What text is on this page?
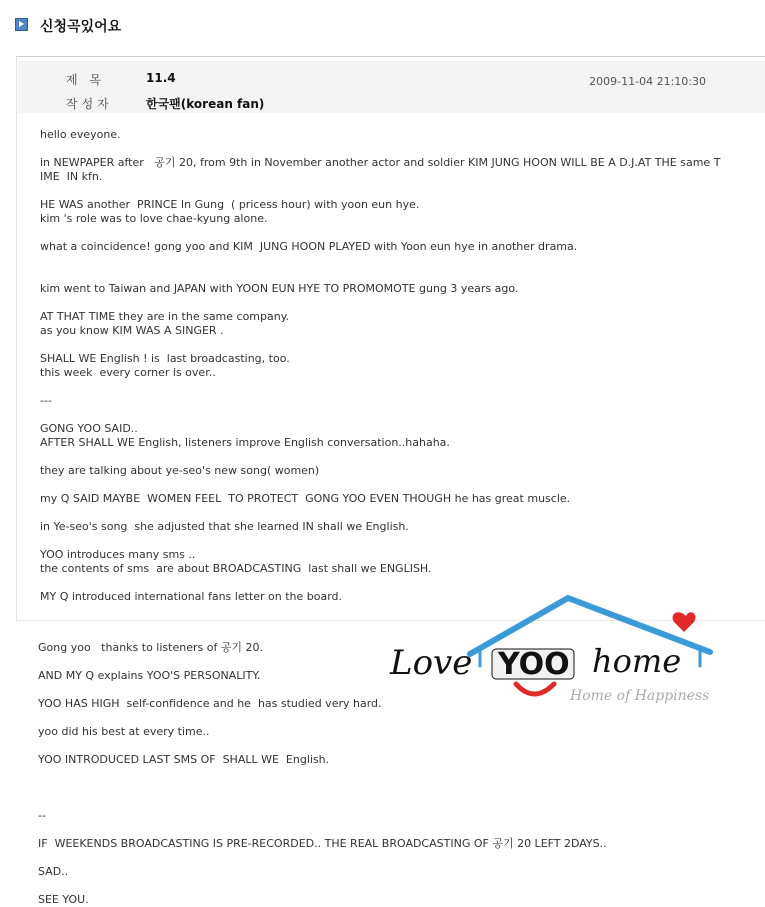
신청곡있어요
제 목	11.4	2009-11-04 21:10:30
작성자	한국팬(korean fan)

hello eveyone.

in NEWPAPER after   공기 20, from 9th in November another actor and soldier KIM JUNG HOON WILL BE A D.J.AT THE same T

IME  IN kfn.

HE WAS another  PRINCE In Gung  ( pricess hour) with yoon eun hye.

kim 's role was to love chae-kyung alone.

what a coincidence! gong yoo and KIM  JUNG HOON PLAYED with Yoon eun hye in another drama.

kim went to Taiwan and JAPAN with YOON EUN HYE TO PROMOMOTE gung 3 years ago.

AT THAT TIME they are in the same company.

as you know KIM WAS A SINGER .

SHALL WE English ! is  last broadcasting, too.

this week  every corner is over..

---

GONG YOO SAID..

AFTER SHALL WE English, listeners improve English conversation..hahaha.

they are talking about ye-seo's new song( women)

my Q SAID MAYBE  WOMEN FEEL  TO PROTECT  GONG YOO EVEN THOUGH he has great muscle.

in Ye-seo's song  she adjusted that she learned IN shall we English.

YOO introduces many sms ..

the contents of sms  are about BROADCASTING  last shall we ENGLISH.

MY Q introduced international fans letter on the board.

Gong yoo   thanks to listeners of 공기 20.

AND MY Q explains YOO'S PERSONALITY.

YOO HAS HIGH  self-confidence and he  has studied very hard.

yoo did his best at every time..

YOO INTRODUCED LAST SMS OF  SHALL WE  English.

--

IF  WEEKENDS BROADCASTING IS PRE-RECORDED.. THE REAL BROADCASTING OF 공기 20 LEFT 2DAYS..

SAD..

SEE YOU.

Love YOO home
Home of Happiness
